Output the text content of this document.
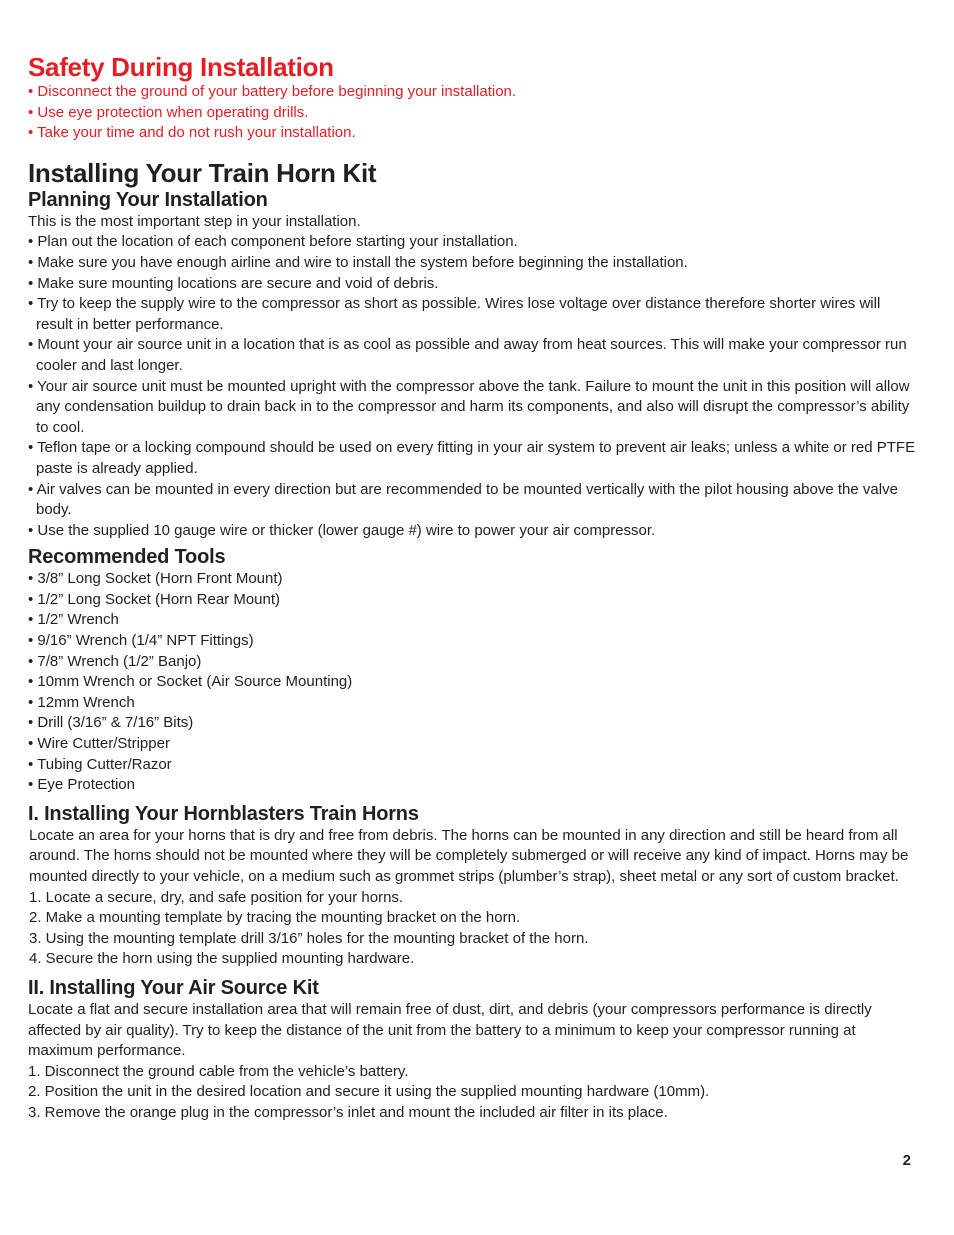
Safety During Installation

• Disconnect the ground of your battery before beginning your installation.

• Use eye protection when operating drills.

• Take your time and do not rush your installation.

Installing Your Train Horn Kit
Planning Your Installation

This is the most important step in your installation.

• Plan out the location of each component before starting your installation.

• Make sure you have enough airline and wire to install the system before beginning the installation.

• Make sure mounting locations are secure and void of debris.

• Try to keep the supply wire to the compressor as short as possible. Wires lose voltage over distance therefore shorter wires will result in better performance.

• Mount your air source unit in a location that is as cool as possible and away from heat sources. This will make your compressor run cooler and last longer.

• Your air source unit must be mounted upright with the compressor above the tank. Failure to mount the unit in this position will allow any condensation buildup to drain back in to the compressor and harm its components, and also will disrupt the compressor’s ability to cool.

• Teflon tape or a locking compound should be used on every fitting in your air system to prevent air leaks; unless a white or red PTFE paste is already applied.

• Air valves can be mounted in every direction but are recommended to be mounted vertically with the pilot housing above the valve body.

• Use the supplied 10 gauge wire or thicker (lower gauge #) wire to power your air compressor.

Recommended Tools

• 3/8” Long Socket (Horn Front Mount)

• 1/2” Long Socket (Horn Rear Mount)

• 1/2” Wrench

• 9/16” Wrench (1/4” NPT Fittings)

• 7/8” Wrench (1/2” Banjo)

• 10mm Wrench or Socket (Air Source Mounting)

• 12mm Wrench

• Drill (3/16” & 7/16” Bits)

• Wire Cutter/Stripper

• Tubing Cutter/Razor

• Eye Protection

I. Installing Your Hornblasters Train Horns

Locate an area for your horns that is dry and free from debris. The horns can be mounted in any direction and still be heard from all around. The horns should not be mounted where they will be completely submerged or will receive any kind of impact. Horns may be mounted directly to your vehicle, on a medium such as grommet strips (plumber’s strap), sheet metal or any sort of custom bracket.

1. Locate a secure, dry, and safe position for your horns.

2. Make a mounting template by tracing the mounting bracket on the horn.

3. Using the mounting template drill 3/16” holes for the mounting bracket of the horn.

4. Secure the horn using the supplied mounting hardware.

II. Installing Your Air Source Kit

Locate a flat and secure installation area that will remain free of dust, dirt, and debris (your compressors performance is directly affected by air quality). Try to keep the distance of the unit from the battery to a minimum to keep your compressor running at maximum performance.

1. Disconnect the ground cable from the vehicle’s battery.

2. Position the unit in the desired location and secure it using the supplied mounting hardware (10mm).

3. Remove the orange plug in the compressor’s inlet and mount the included air filter in its place.

2
